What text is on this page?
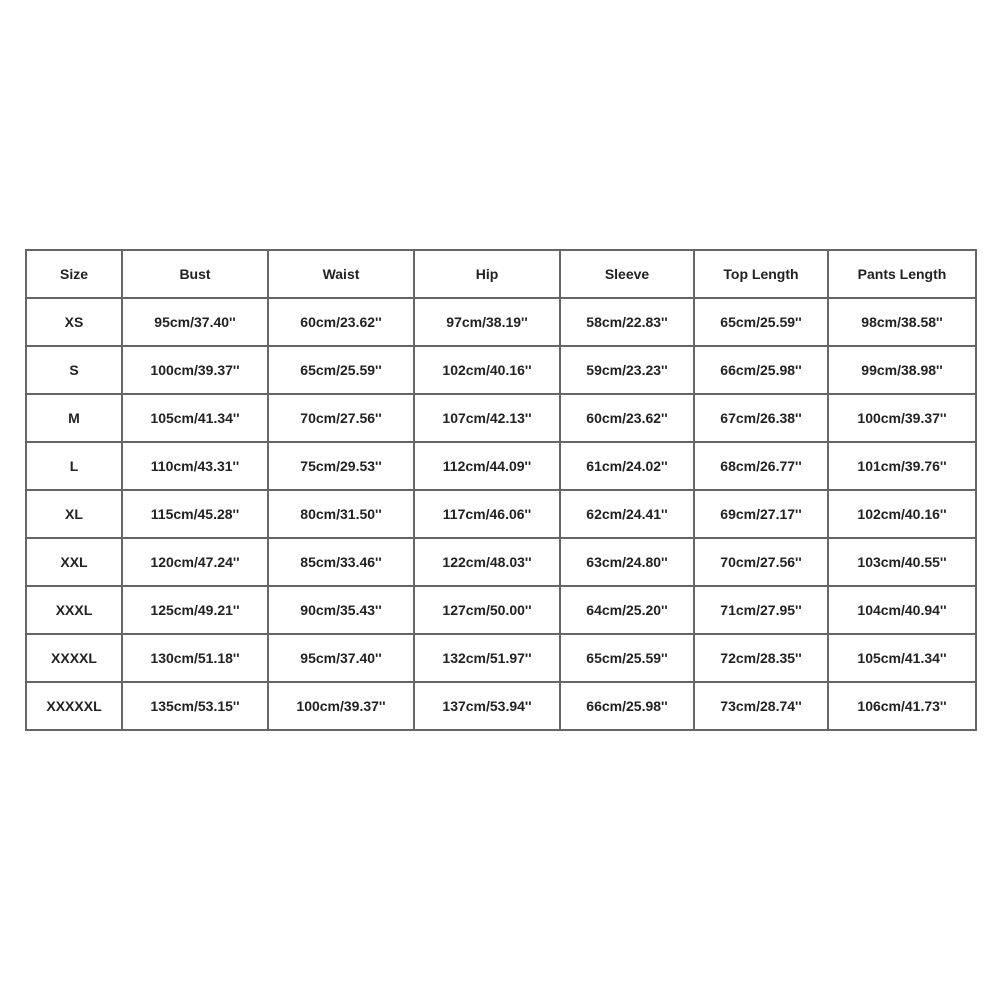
Size	Bust	Waist	Hip	Sleeve	Top Length	Pants Length
XS	95cm/37.40''	60cm/23.62''	97cm/38.19''	58cm/22.83''	65cm/25.59''	98cm/38.58''
S	100cm/39.37''	65cm/25.59''	102cm/40.16''	59cm/23.23''	66cm/25.98''	99cm/38.98''
M	105cm/41.34''	70cm/27.56''	107cm/42.13''	60cm/23.62''	67cm/26.38''	100cm/39.37''
L	110cm/43.31''	75cm/29.53''	112cm/44.09''	61cm/24.02''	68cm/26.77''	101cm/39.76''
XL	115cm/45.28''	80cm/31.50''	117cm/46.06''	62cm/24.41''	69cm/27.17''	102cm/40.16''
XXL	120cm/47.24''	85cm/33.46''	122cm/48.03''	63cm/24.80''	70cm/27.56''	103cm/40.55''
XXXL	125cm/49.21''	90cm/35.43''	127cm/50.00''	64cm/25.20''	71cm/27.95''	104cm/40.94''
XXXXL	130cm/51.18''	95cm/37.40''	132cm/51.97''	65cm/25.59''	72cm/28.35''	105cm/41.34''
XXXXXL	135cm/53.15''	100cm/39.37''	137cm/53.94''	66cm/25.98''	73cm/28.74''	106cm/41.73''
